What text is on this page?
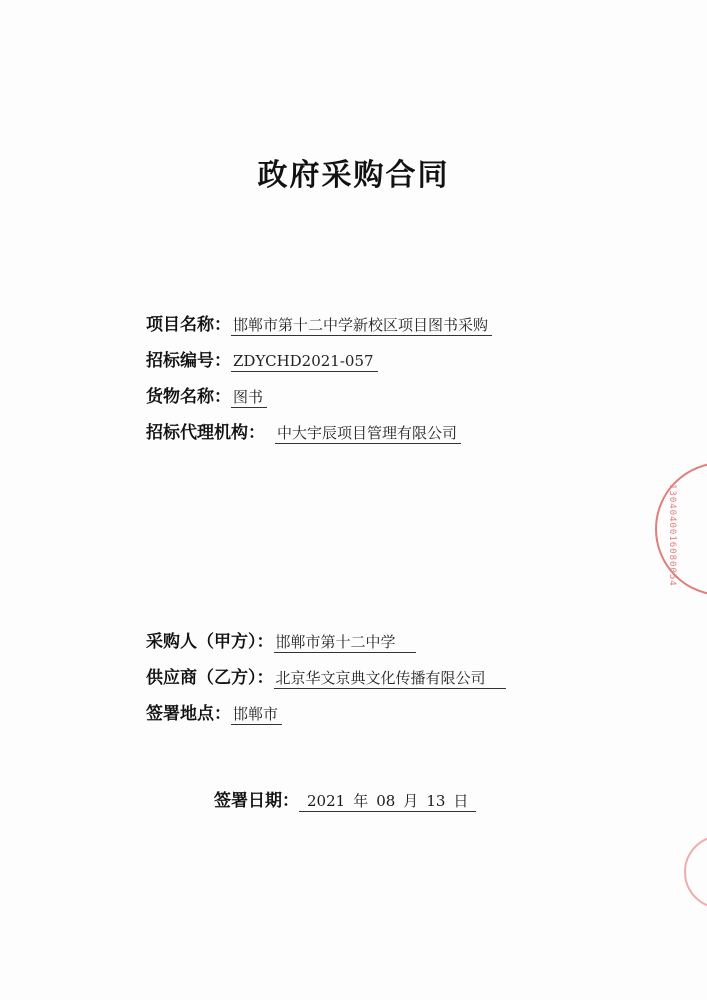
政府采购合同
项目名称： 邯郸市第十二中学新校区项目图书采购
招标编号： ZDYCHD2021-057
货物名称： 图书
招标代理机构： 中大宇辰项目管理有限公司
采购人（甲方）： 邯郸市第十二中学
供应商（乙方）： 北京华文京典文化传播有限公司
签署地点： 邯郸市
签署日期： 2021 年 08 月 13 日
1304040016080054
